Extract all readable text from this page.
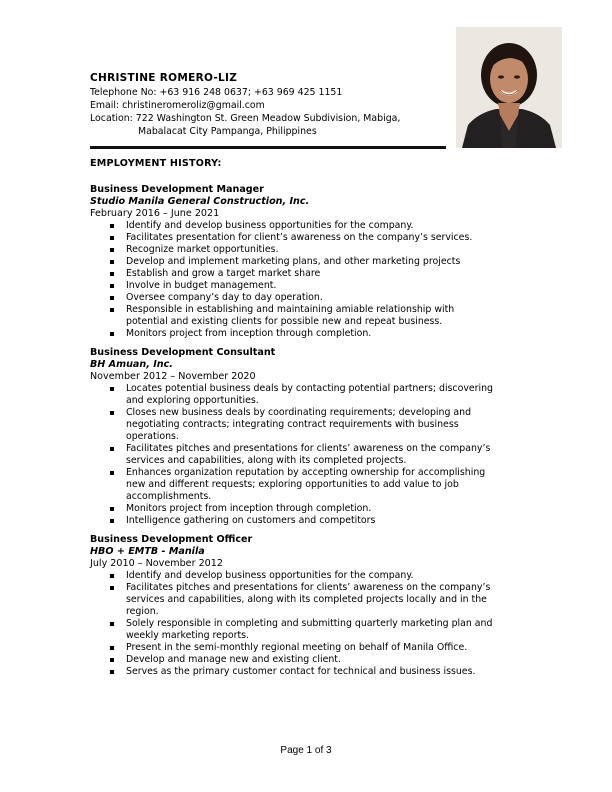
CHRISTINE ROMERO-LIZ
Telephone No: +63 916 248 0637; +63 969 425 1151
Email: christineromeroliz@gmail.com
Location: 722 Washington St. Green Meadow Subdivision, Mabiga,
Mabalacat City Pampanga, Philippines
EMPLOYMENT HISTORY:
Business Development Manager
Studio Manila General Construction, Inc.
February 2016 – June 2021
Identify and develop business opportunities for the company.
Facilitates presentation for client’s awareness on the company’s services.
Recognize market opportunities.
Develop and implement marketing plans, and other marketing projects
Establish and grow a target market share
Involve in budget management.
Oversee company’s day to day operation.
Responsible in establishing and maintaining amiable relationship with
potential and existing clients for possible new and repeat business.
Monitors project from inception through completion.
Business Development Consultant
BH Amuan, Inc.
November 2012 – November 2020
Locates potential business deals by contacting potential partners; discovering
and exploring opportunities.
Closes new business deals by coordinating requirements; developing and
negotiating contracts; integrating contract requirements with business
operations.
Facilitates pitches and presentations for clients’ awareness on the company’s
services and capabilities, along with its completed projects.
Enhances organization reputation by accepting ownership for accomplishing
new and different requests; exploring opportunities to add value to job
accomplishments.
Monitors project from inception through completion.
Intelligence gathering on customers and competitors
Business Development Officer
HBO + EMTB - Manila
July 2010 – November 2012
Identify and develop business opportunities for the company.
Facilitates pitches and presentations for clients’ awareness on the company’s
services and capabilities, along with its completed projects locally and in the
region.
Solely responsible in completing and submitting quarterly marketing plan and
weekly marketing reports.
Present in the semi-monthly regional meeting on behalf of Manila Office.
Develop and manage new and existing client.
Serves as the primary customer contact for technical and business issues.
Page 1 of 3
